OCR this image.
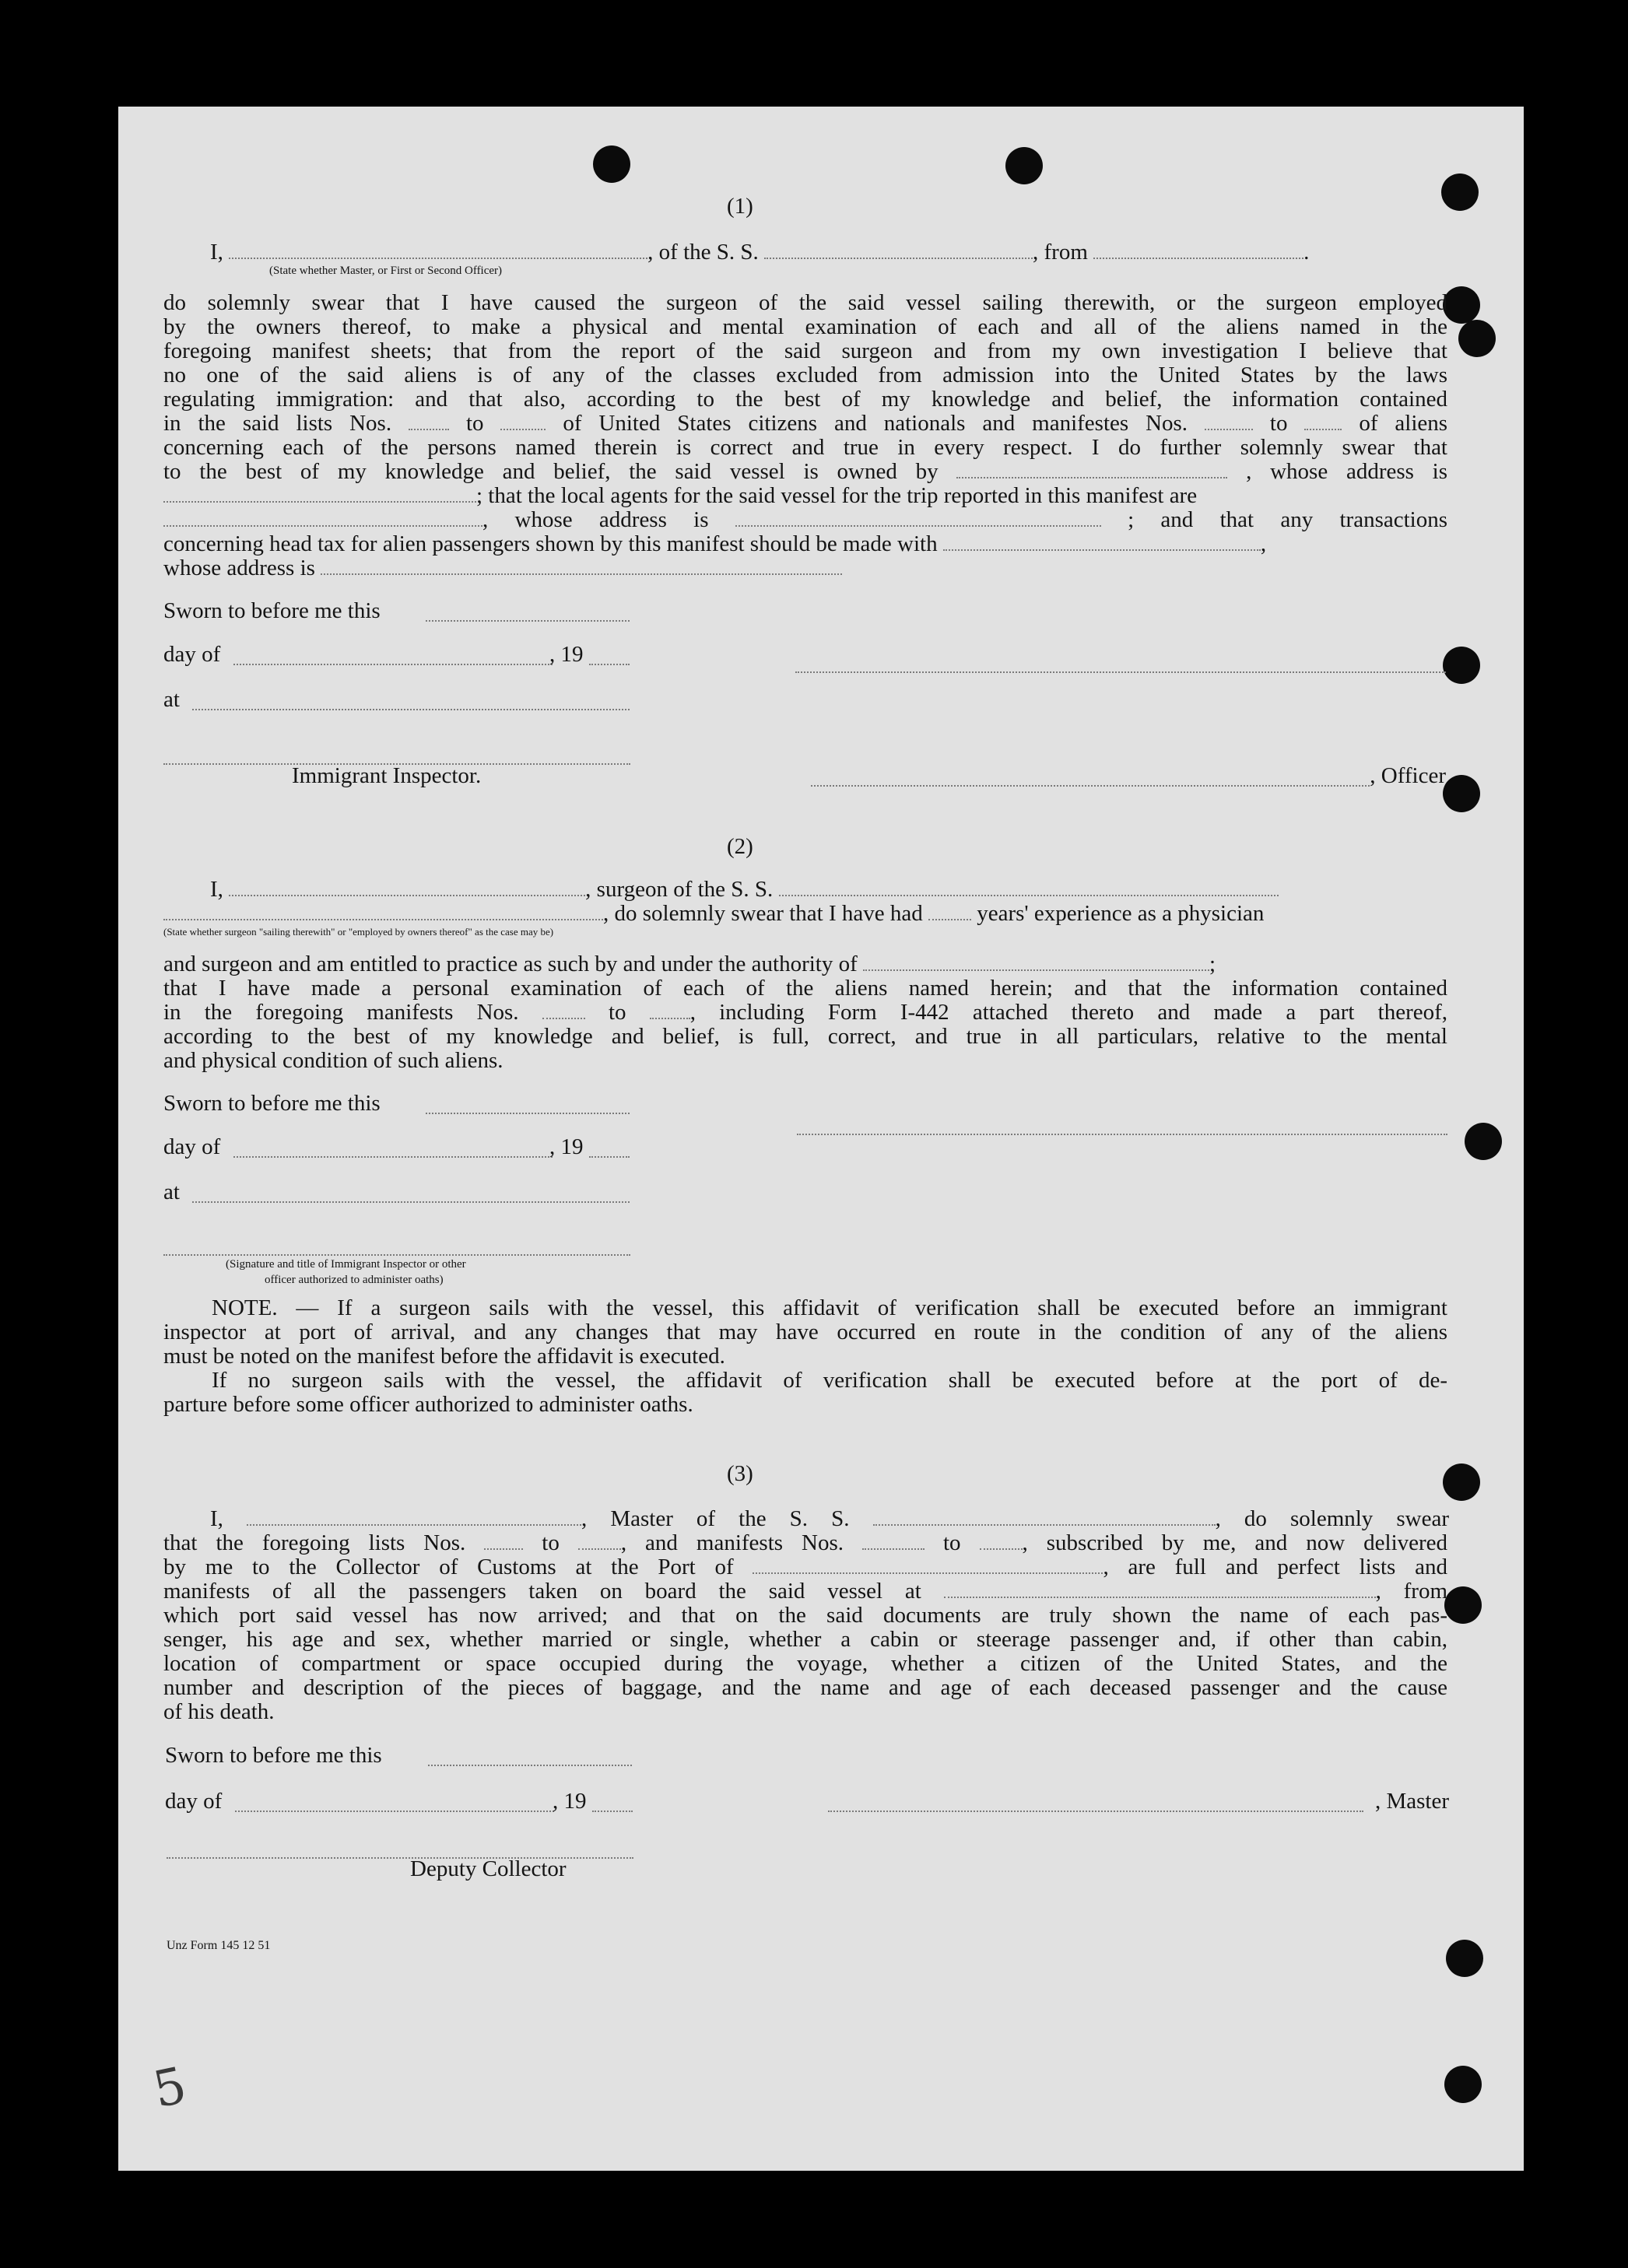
(1)
I,	, of the S. S.	, from	.
(State whether Master, or First or Second Officer)
do solemnly swear that I have caused the surgeon of the said vessel sailing therewith, or the surgeon employed
by the owners thereof, to make a physical and mental examination of each and all of the aliens named in the
foregoing manifest sheets; that from the report of the said surgeon and from my own investigation I believe that
no one of the said aliens is of any of the classes excluded from admission into the United States by the laws
regulating immigration: and that also, according to the best of my knowledge and belief, the information contained
in the said lists Nos.	to	of United States citizens and nationals and manifestes Nos.	to	of aliens
concerning each of the persons named therein is correct and true in every respect. I do further solemnly swear that
to the best of my knowledge and belief, the said vessel is owned by	, whose address is
; that the local agents for the said vessel for the trip reported in this manifest are
, whose address is	; and that any transactions
concerning head tax for alien passengers shown by this manifest should be made with	,
whose address is
Sworn to before me this
day of	, 19
at
Immigrant Inspector.	, Officer
(2)
I,	, surgeon of the S. S.
, do solemnly swear that I have had years' experience as a physician
(State whether surgeon "sailing therewith" or "employed by owners thereof" as the case may be)
and surgeon and am entitled to practice as such by and under the authority of	;
that I have made a personal examination of each of the aliens named herein; and that the information contained
in the foregoing manifests Nos.	to	, including Form I-442 attached thereto and made a part thereof,
according to the best of my knowledge and belief, is full, correct, and true in all particulars, relative to the mental
and physical condition of such aliens.
Sworn to before me this
day of	, 19
at
(Signature and title of Immigrant Inspector or other
officer authorized to administer oaths)
NOTE. — If a surgeon sails with the vessel, this affidavit of verification shall be executed before an immigrant
inspector at port of arrival, and any changes that may have occurred en route in the condition of any of the aliens
must be noted on the manifest before the affidavit is executed.
If no surgeon sails with the vessel, the affidavit of verification shall be executed before at the port of de-
parture before some officer authorized to administer oaths.
(3)
I,	, Master of the S. S.	, do solemnly swear
that the foregoing lists Nos.	to	, and manifests Nos.	to	, subscribed by me, and now delivered
by me to the Collector of Customs at the Port of	, are full and perfect lists and
manifests of all the passengers taken on board the said vessel at	, from
which port said vessel has now arrived; and that on the said documents are truly shown the name of each pas-
senger, his age and sex, whether married or single, whether a cabin or steerage passenger and, if other than cabin,
location of compartment or space occupied during the voyage, whether a citizen of the United States, and the
number and description of the pieces of baggage, and the name and age of each deceased passenger and the cause
of his death.
Sworn to before me this
day of	, 19	, Master
Deputy Collector
Unz Form 145 12 51
5
